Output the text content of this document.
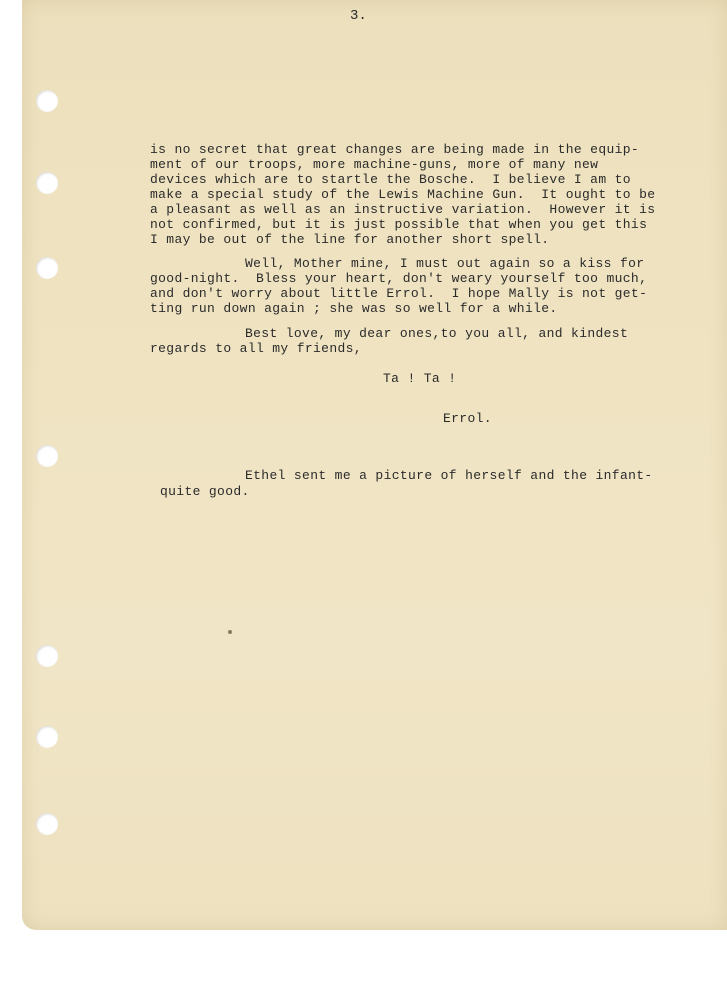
3.
is no secret that great changes are being made in the equip-
ment of our troops, more machine-guns, more of many new
devices which are to startle the Bosche.  I believe I am to
make a special study of the Lewis Machine Gun.  It ought to be
a pleasant as well as an instructive variation.  However it is
not confirmed, but it is just possible that when you get this
I may be out of the line for another short spell.
Well, Mother mine, I must out again so a kiss for
good-night.  Bless your heart, don't weary yourself too much,
and don't worry about little Errol.  I hope Mally is not get-
ting run down again ; she was so well for a while.
Best love, my dear ones,to you all, and kindest
regards to all my friends,
Ta ! Ta !
Errol.
Ethel sent me a picture of herself and the infant-
quite good.
